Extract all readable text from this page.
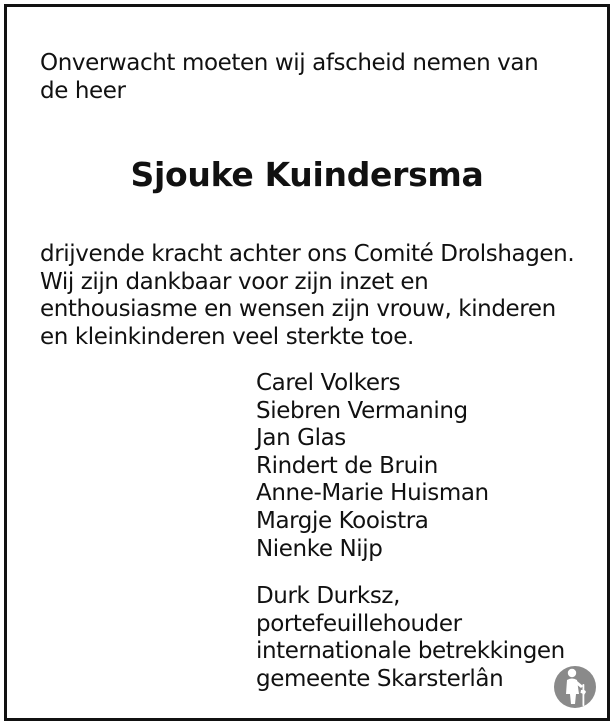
Onverwacht moeten wij afscheid nemen van
de heer

Sjouke Kuindersma

drijvende kracht achter ons Comité Drolshagen.
Wij zijn dankbaar voor zijn inzet en
enthousiasme en wensen zijn vrouw, kinderen
en kleinkinderen veel sterkte toe.

Carel Volkers
Siebren Vermaning
Jan Glas
Rindert de Bruin
Anne-Marie Huisman
Margje Kooistra
Nienke Nijp

Durk Durksz,
portefeuillehouder
internationale betrekkingen
gemeente Skarsterlân
